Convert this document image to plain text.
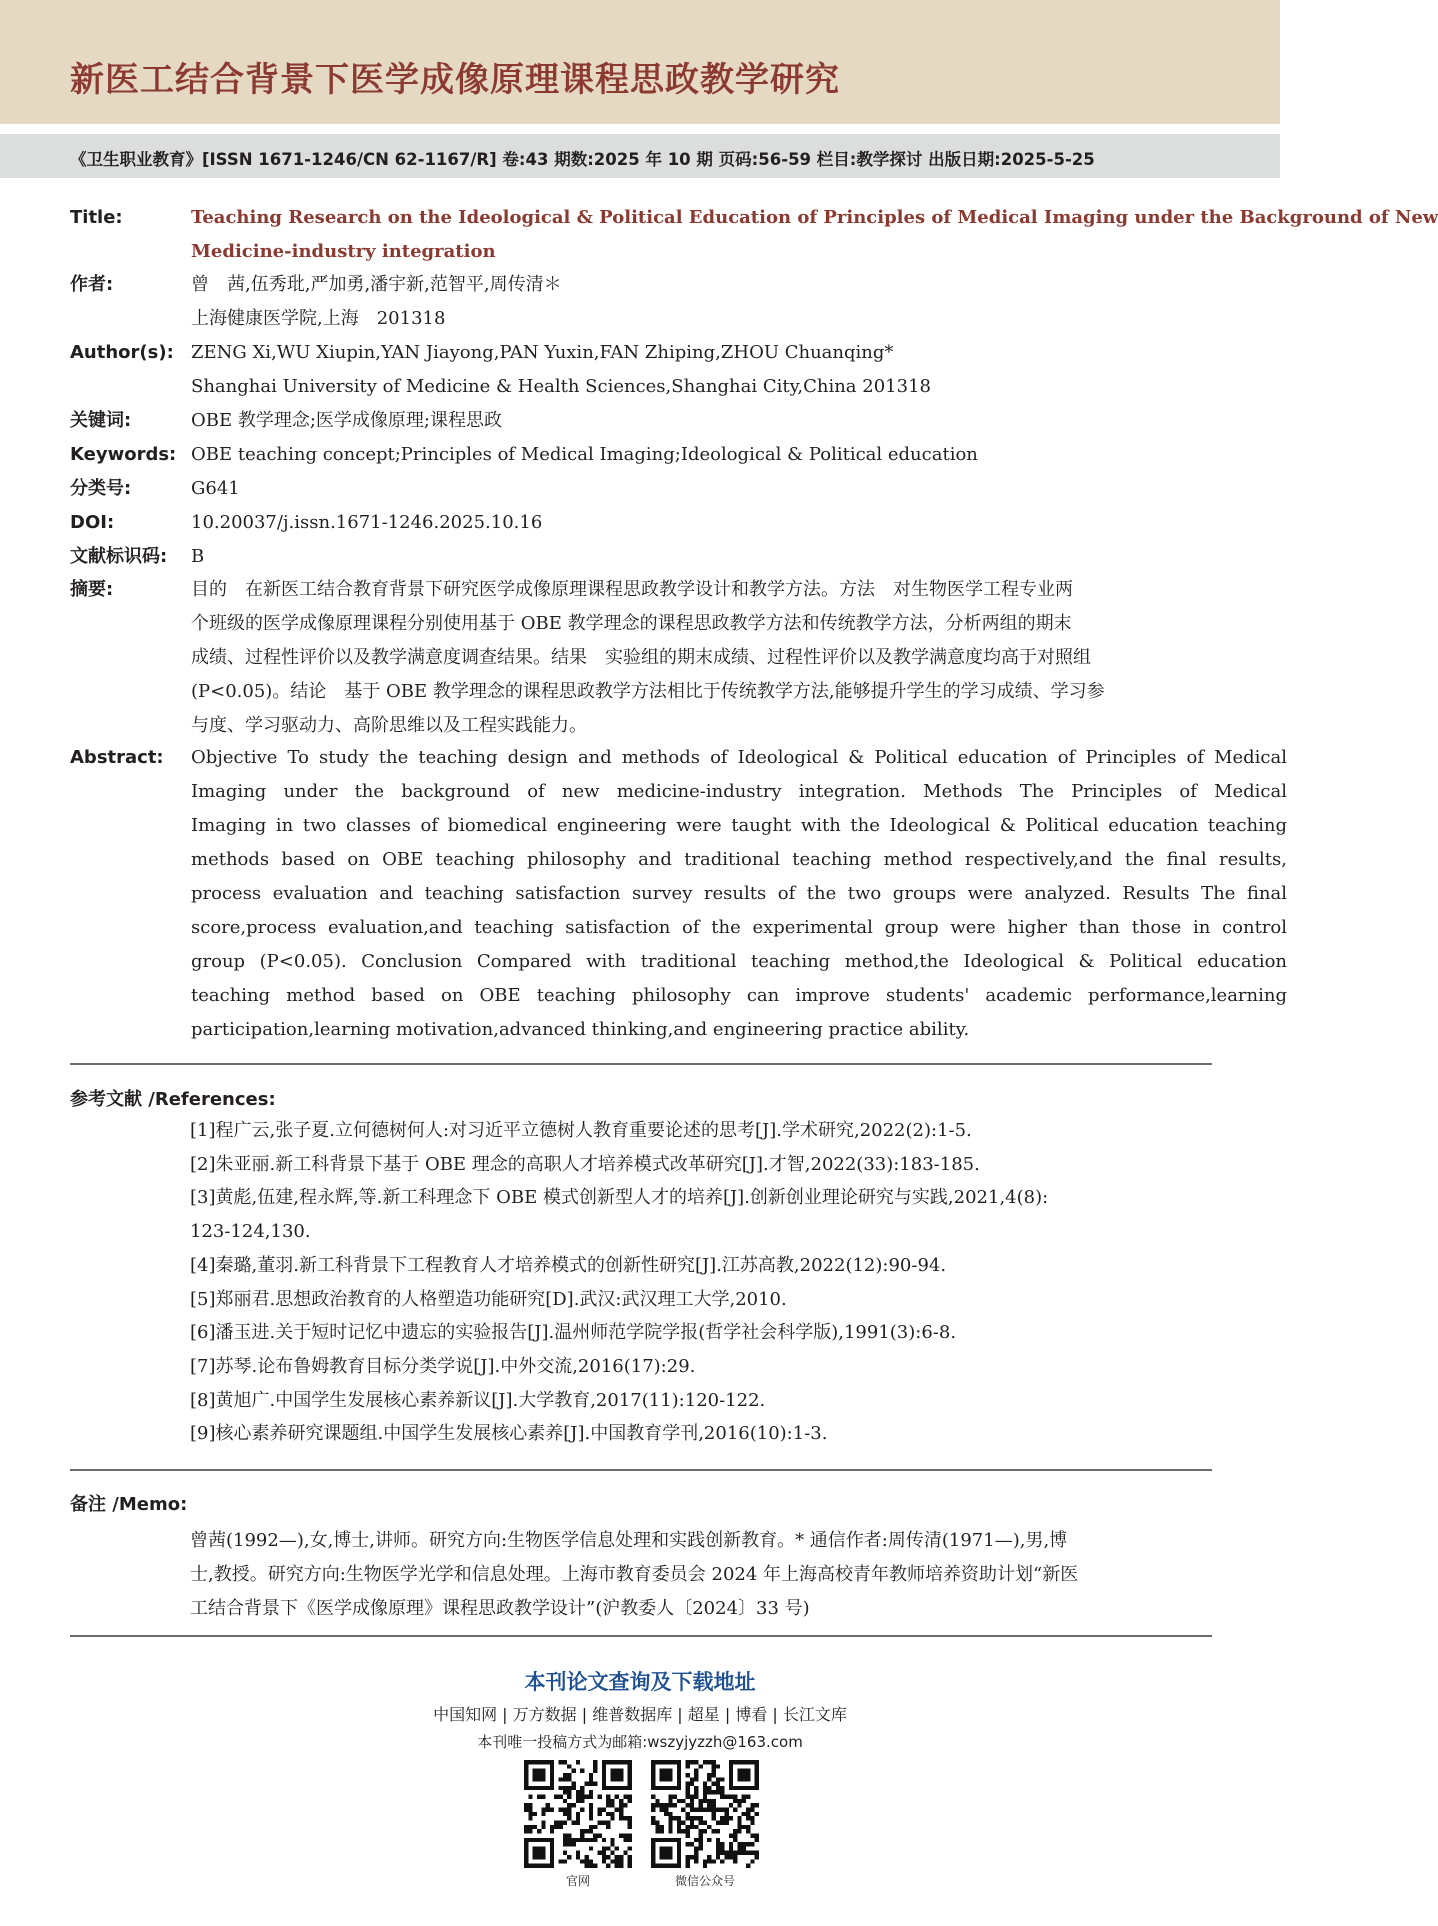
新医工结合背景下医学成像原理课程思政教学研究
《卫生职业教育》[ISSN 1671-1246/CN 62-1167/R] 卷:43 期数:2025 年 10 期 页码:56-59 栏目:教学探讨 出版日期:2025-5-25
Title:	Teaching Research on the Ideological & Political Education of Principles of Medical Imaging under the Background of New
Medicine-industry integration
作者:	曾　茜,伍秀玭,严加勇,潘宇新,范智平,周传清＊
上海健康医学院,上海　201318
Author(s): ZENG Xi,WU Xiupin,YAN Jiayong,PAN Yuxin,FAN Zhiping,ZHOU Chuanqing*
Shanghai University of Medicine & Health Sciences,Shanghai City,China 201318
关键词:	OBE 教学理念;医学成像原理;课程思政
Keywords: OBE teaching concept;Principles of Medical Imaging;Ideological & Political education
分类号:	G641
DOI:	10.20037/j.issn.1671-1246.2025.10.16
文献标识码: B
摘要:	目的　在新医工结合教育背景下研究医学成像原理课程思政教学设计和教学方法。方法　对生物医学工程专业两
个班级的医学成像原理课程分别使用基于 OBE 教学理念的课程思政教学方法和传统教学方法，分析两组的期末
成绩、过程性评价以及教学满意度调查结果。结果　实验组的期末成绩、过程性评价以及教学满意度均高于对照组
(P<0.05)。结论　基于 OBE 教学理念的课程思政教学方法相比于传统教学方法,能够提升学生的学习成绩、学习参
与度、学习驱动力、高阶思维以及工程实践能力。
Abstract: Objective To study the teaching design and methods of Ideological & Political education of Principles of Medical
Imaging under the background of new medicine-industry integration. Methods The Principles of Medical
Imaging in two classes of biomedical engineering were taught with the Ideological & Political education teaching
methods based on OBE teaching philosophy and traditional teaching method respectively,and the final results,
process evaluation and teaching satisfaction survey results of the two groups were analyzed. Results The final
score,process evaluation,and teaching satisfaction of the experimental group were higher than those in control
group (P<0.05). Conclusion Compared with traditional teaching method,the Ideological & Political education
teaching method based on OBE teaching philosophy can improve students' academic performance,learning
participation,learning motivation,advanced thinking,and engineering practice ability.
参考文献 /References:
[1]程广云,张子夏.立何德树何人:对习近平立德树人教育重要论述的思考[J].学术研究,2022(2):1-5.
[2]朱亚丽.新工科背景下基于 OBE 理念的高职人才培养模式改革研究[J].才智,2022(33):183-185.
[3]黄彪,伍建,程永辉,等.新工科理念下 OBE 模式创新型人才的培养[J].创新创业理论研究与实践,2021,4(8):
123-124,130.
[4]秦璐,董羽.新工科背景下工程教育人才培养模式的创新性研究[J].江苏高教,2022(12):90-94.
[5]郑丽君.思想政治教育的人格塑造功能研究[D].武汉:武汉理工大学,2010.
[6]潘玉进.关于短时记忆中遗忘的实验报告[J].温州师范学院学报(哲学社会科学版),1991(3):6-8.
[7]苏琴.论布鲁姆教育目标分类学说[J].中外交流,2016(17):29.
[8]黄旭广.中国学生发展核心素养新议[J].大学教育,2017(11):120-122.
[9]核心素养研究课题组.中国学生发展核心素养[J].中国教育学刊,2016(10):1-3.
备注 /Memo:
曾茜(1992—),女,博士,讲师。研究方向:生物医学信息处理和实践创新教育。* 通信作者:周传清(1971—),男,博
士,教授。研究方向:生物医学光学和信息处理。上海市教育委员会 2024 年上海高校青年教师培养资助计划“新医
工结合背景下《医学成像原理》课程思政教学设计”(沪教委人〔2024〕33 号)
本刊论文查询及下载地址
中国知网 | 万方数据 | 维普数据库 | 超星 | 博看 | 长江文库
本刊唯一投稿方式为邮箱:wszyjyzzh@163.com
官网	微信公众号
